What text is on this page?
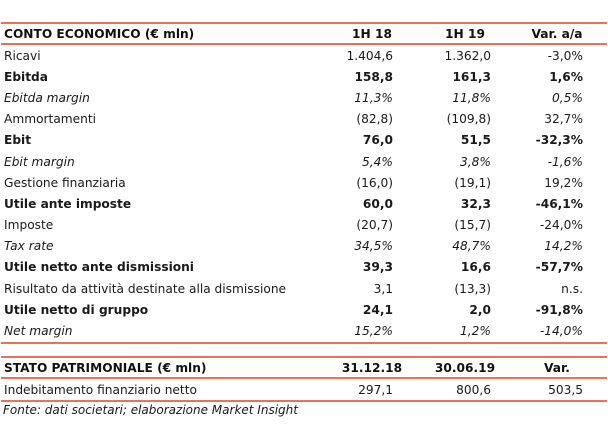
CONTO ECONOMICO (€ mln)	1H 18	1H 19	Var. a/a
Ricavi	1.404,6	1.362,0	-3,0%
Ebitda	158,8	161,3	1,6%
Ebitda margin	11,3%	11,8%	0,5%
Ammortamenti	(82,8)	(109,8)	32,7%
Ebit	76,0	51,5	-32,3%
Ebit margin	5,4%	3,8%	-1,6%
Gestione finanziaria	(16,0)	(19,1)	19,2%
Utile ante imposte	60,0	32,3	-46,1%
Imposte	(20,7)	(15,7)	-24,0%
Tax rate	34,5%	48,7%	14,2%
Utile netto ante dismissioni	39,3	16,6	-57,7%
Risultato da attività destinate alla dismissione	3,1	(13,3)	n.s.
Utile netto di gruppo	24,1	2,0	-91,8%
Net margin	15,2%	1,2%	-14,0%
STATO PATRIMONIALE (€ mln)	31.12.18	30.06.19	Var.
Indebitamento finanziario netto	297,1	800,6	503,5
Fonte: dati societari; elaborazione Market Insight
